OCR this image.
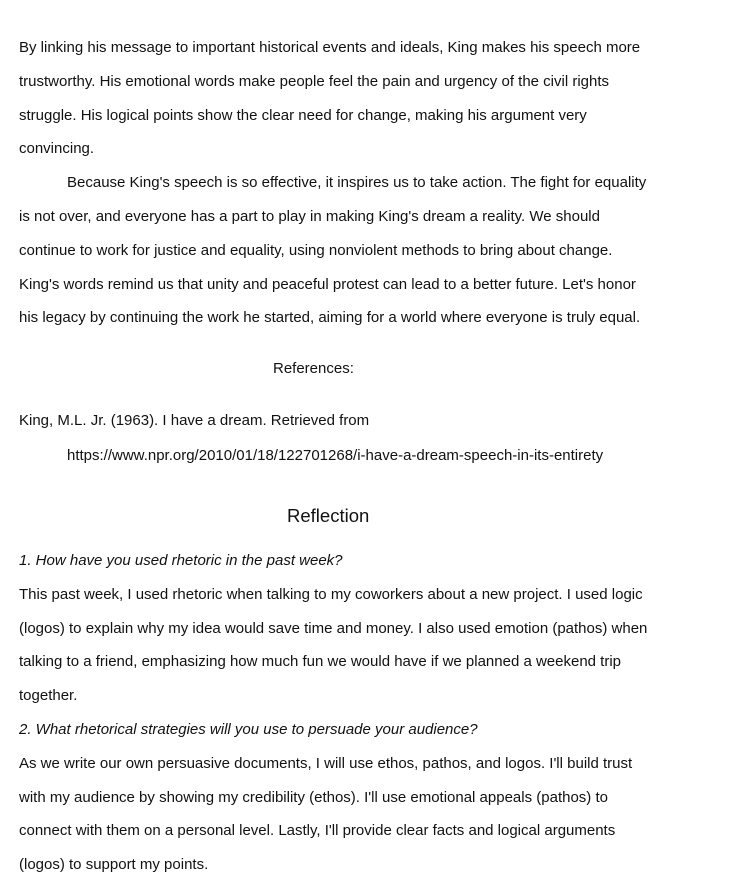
By linking his message to important historical events and ideals, King makes his speech more

trustworthy. His emotional words make people feel the pain and urgency of the civil rights

struggle. His logical points show the clear need for change, making his argument very

convincing.

Because King's speech is so effective, it inspires us to take action. The fight for equality

is not over, and everyone has a part to play in making King's dream a reality. We should

continue to work for justice and equality, using nonviolent methods to bring about change.

King's words remind us that unity and peaceful protest can lead to a better future. Let's honor

his legacy by continuing the work he started, aiming for a world where everyone is truly equal.

References:
King, M.L. Jr. (1963). I have a dream. Retrieved from
https://www.npr.org/2010/01/18/122701268/i-have-a-dream-speech-in-its-entirety
Reflection

1. How have you used rhetoric in the past week?

This past week, I used rhetoric when talking to my coworkers about a new project. I used logic

(logos) to explain why my idea would save time and money. I also used emotion (pathos) when

talking to a friend, emphasizing how much fun we would have if we planned a weekend trip

together.

2. What rhetorical strategies will you use to persuade your audience?

As we write our own persuasive documents, I will use ethos, pathos, and logos. I'll build trust

with my audience by showing my credibility (ethos). I'll use emotional appeals (pathos) to

connect with them on a personal level. Lastly, I'll provide clear facts and logical arguments

(logos) to support my points.
